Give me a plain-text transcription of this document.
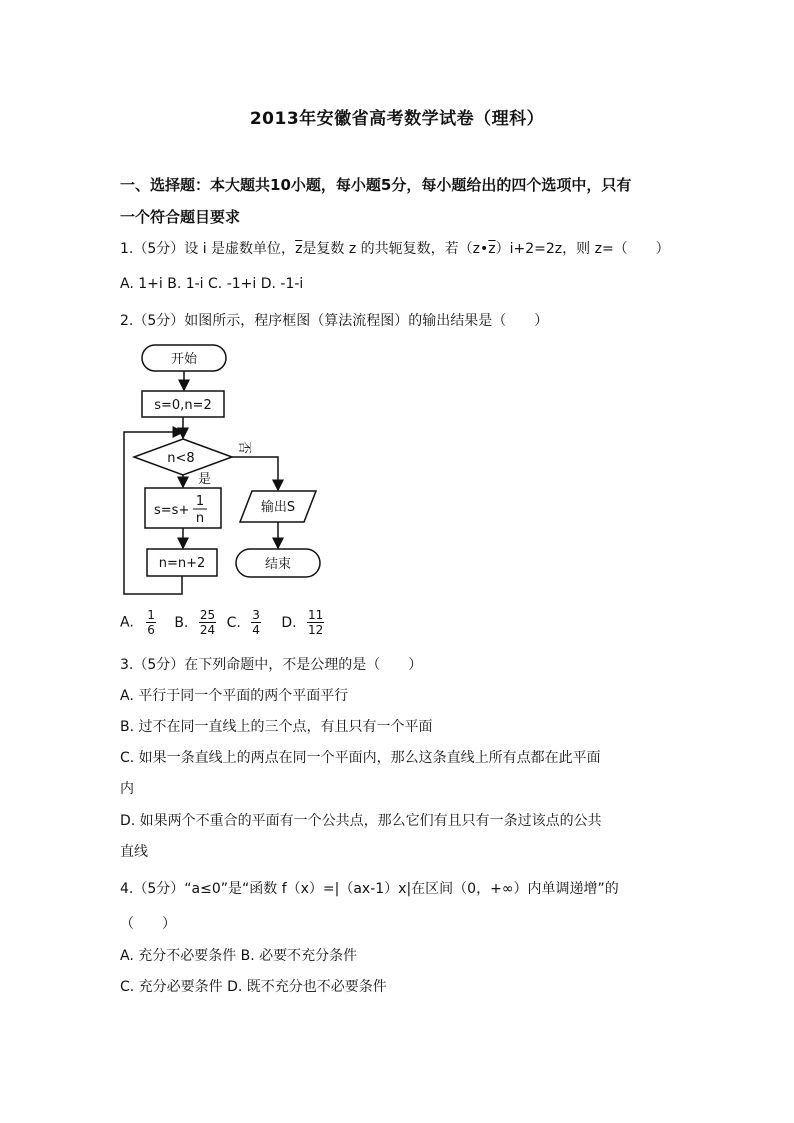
2013年安徽省高考数学试卷（理科）
一、选择题：本大题共10小题，每小题5分，每小题给出的四个选项中，只有
一个符合题目要求
1.（5分）设 i 是虚数单位，$\overline{z}$是复数 z 的共轭复数，若$(z•\overline{z})i+2=2z$，则 z=（　　）
A. 1+i B. 1-i C. -1+i D. -1-i
2.（5分）如图所示，程序框图（算法流程图）的输出结果是（　　）
开始
s=0,n=2
n<8
否
是
s=s+
1
n
n=n+2
输出S
结束
A. $\frac{1}{6} B$. $\frac{25}{24} C$. $\frac{3}{4} D$. $\frac{11}{12}$
3.（5分）在下列命题中，不是公理的是（　　）
A. 平行于同一个平面的两个平面平行
B. 过不在同一直线上的三个点，有且只有一个平面
C. 如果一条直线上的两点在同一个平面内，那么这条直线上所有点都在此平面
内
D. 如果两个不重合的平面有一个公共点，那么它们有且只有一条过该点的公共
直线
4.（5分）“a≤0”是“函数 f（x）=|（ax-1）x|在区间（0，+∞）内单调递增”的
（　　）
A. 充分不必要条件 B. 必要不充分条件
C. 充分必要条件 D. 既不充分也不必要条件
